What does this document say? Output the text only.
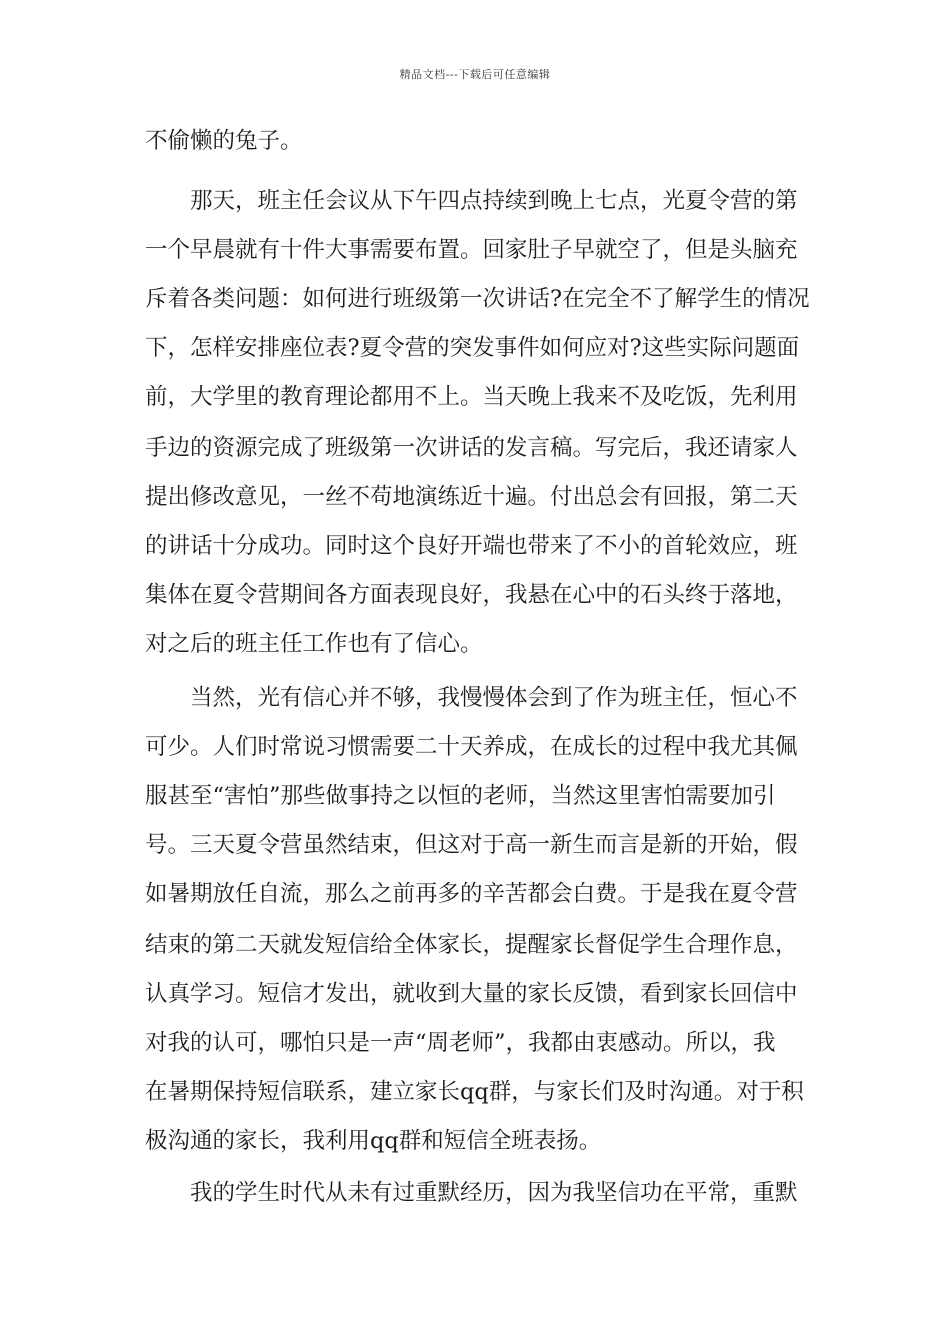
精品文档---下载后可任意编辑
不偷懒的兔子。
那天，班主任会议从下午四点持续到晚上七点，光夏令营的第
一个早晨就有十件大事需要布置。回家肚子早就空了，但是头脑充
斥着各类问题：如何进行班级第一次讲话?在完全不了解学生的情况
下，怎样安排座位表?夏令营的突发事件如何应对?这些实际问题面
前，大学里的教育理论都用不上。当天晚上我来不及吃饭，先利用
手边的资源完成了班级第一次讲话的发言稿。写完后，我还请家人
提出修改意见，一丝不苟地演练近十遍。付出总会有回报，第二天
的讲话十分成功。同时这个良好开端也带来了不小的首轮效应，班
集体在夏令营期间各方面表现良好，我悬在心中的石头终于落地，
对之后的班主任工作也有了信心。
当然，光有信心并不够，我慢慢体会到了作为班主任，恒心不
可少。人们时常说习惯需要二十天养成，在成长的过程中我尤其佩
服甚至“害怕”那些做事持之以恒的老师，当然这里害怕需要加引
号。三天夏令营虽然结束，但这对于高一新生而言是新的开始，假
如暑期放任自流，那么之前再多的辛苦都会白费。于是我在夏令营
结束的第二天就发短信给全体家长，提醒家长督促学生合理作息，
认真学习。短信才发出，就收到大量的家长反馈，看到家长回信中
对我的认可，哪怕只是一声“周老师”，我都由衷感动。所以，我
在暑期保持短信联系，建立家长qq群，与家长们及时沟通。对于积
极沟通的家长，我利用qq群和短信全班表扬。
我的学生时代从未有过重默经历，因为我坚信功在平常，重默
